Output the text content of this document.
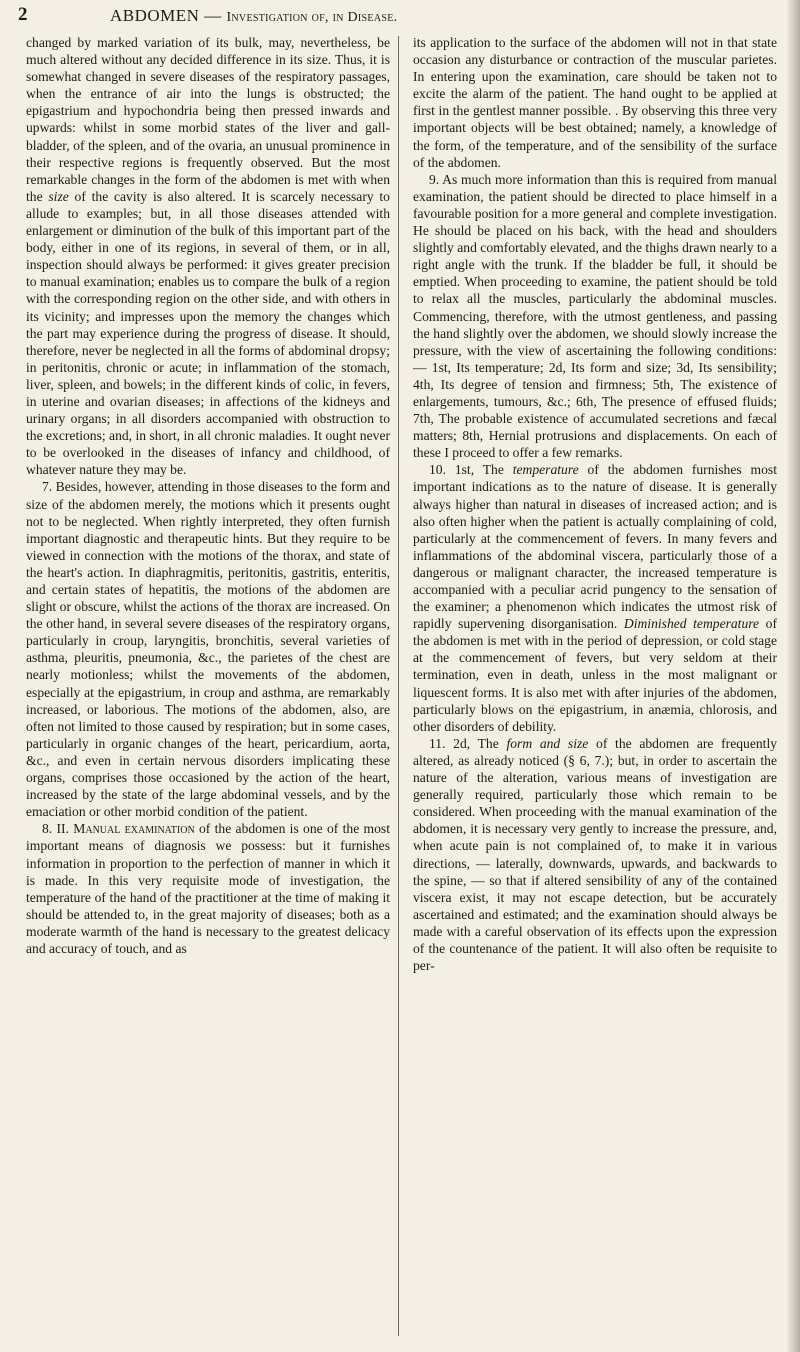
2	ABDOMEN — Investigation of, in Disease.

changed by marked variation of its bulk, may, nevertheless, be much altered without any decided difference in its size. Thus, it is somewhat changed in severe diseases of the respiratory passages, when the entrance of air into the lungs is obstructed; the epigastrium and hypochondria being then pressed inwards and upwards: whilst in some morbid states of the liver and gall-bladder, of the spleen, and of the ovaria, an unusual prominence in their respective regions is frequently observed. But the most remarkable changes in the form of the abdomen is met with when the size of the cavity is also altered. It is scarcely necessary to allude to examples; but, in all those diseases attended with enlargement or diminution of the bulk of this important part of the body, either in one of its regions, in several of them, or in all, inspection should always be performed: it gives greater precision to manual examination; enables us to compare the bulk of a region with the corresponding region on the other side, and with others in its vicinity; and impresses upon the memory the changes which the part may experience during the progress of disease. It should, therefore, never be neglected in all the forms of abdominal dropsy; in peritonitis, chronic or acute; in inflammation of the stomach, liver, spleen, and bowels; in the different kinds of colic, in fevers, in uterine and ovarian diseases; in affections of the kidneys and urinary organs; in all disorders accompanied with obstruction to the excretions; and, in short, in all chronic maladies. It ought never to be overlooked in the diseases of infancy and childhood, of whatever nature they may be.

7. Besides, however, attending in those diseases to the form and size of the abdomen merely, the motions which it presents ought not to be neglected. When rightly interpreted, they often furnish important diagnostic and therapeutic hints. But they require to be viewed in connection with the motions of the thorax, and state of the heart's action. In diaphragmitis, peritonitis, gastritis, enteritis, and certain states of hepatitis, the motions of the abdomen are slight or obscure, whilst the actions of the thorax are increased. On the other hand, in several severe diseases of the respiratory organs, particularly in croup, laryngitis, bronchitis, several varieties of asthma, pleuritis, pneumonia, &c., the parietes of the chest are nearly motionless; whilst the movements of the abdomen, especially at the epigastrium, in croup and asthma, are remarkably increased, or laborious. The motions of the abdomen, also, are often not limited to those caused by respiration; but in some cases, particularly in organic changes of the heart, pericardium, aorta, &c., and even in certain nervous disorders implicating these organs, comprises those occasioned by the action of the heart, increased by the state of the large abdominal vessels, and by the emaciation or other morbid condition of the patient.

8. II. Manual examination of the abdomen is one of the most important means of diagnosis we possess: but it furnishes information in proportion to the perfection of manner in which it is made. In this very requisite mode of investigation, the temperature of the hand of the practitioner at the time of making it should be attended to, in the great majority of diseases; both as a moderate warmth of the hand is necessary to the greatest delicacy and accuracy of touch, and as

its application to the surface of the abdomen will not in that state occasion any disturbance or contraction of the muscular parietes. In entering upon the examination, care should be taken not to excite the alarm of the patient. The hand ought to be applied at first in the gentlest manner possible. . By observing this three very important objects will be best obtained; namely, a knowledge of the form, of the temperature, and of the sensibility of the surface of the abdomen.

9. As much more information than this is required from manual examination, the patient should be directed to place himself in a favourable position for a more general and complete investigation. He should be placed on his back, with the head and shoulders slightly and comfortably elevated, and the thighs drawn nearly to a right angle with the trunk. If the bladder be full, it should be emptied. When proceeding to examine, the patient should be told to relax all the muscles, particularly the abdominal muscles. Commencing, therefore, with the utmost gentleness, and passing the hand slightly over the abdomen, we should slowly increase the pressure, with the view of ascertaining the following conditions: — 1st, Its temperature; 2d, Its form and size; 3d, Its sensibility; 4th, Its degree of tension and firmness; 5th, The existence of enlargements, tumours, &c.; 6th, The presence of effused fluids; 7th, The probable existence of accumulated secretions and fæcal matters; 8th, Hernial protrusions and displacements. On each of these I proceed to offer a few remarks.

10. 1st, The temperature of the abdomen furnishes most important indications as to the nature of disease. It is generally always higher than natural in diseases of increased action; and is also often higher when the patient is actually complaining of cold, particularly at the commencement of fevers. In many fevers and inflammations of the abdominal viscera, particularly those of a dangerous or malignant character, the increased temperature is accompanied with a peculiar acrid pungency to the sensation of the examiner; a phenomenon which indicates the utmost risk of rapidly supervening disorganisation. Diminished temperature of the abdomen is met with in the period of depression, or cold stage at the commencement of fevers, but very seldom at their termination, even in death, unless in the most malignant or liquescent forms. It is also met with after injuries of the abdomen, particularly blows on the epigastrium, in anæmia, chlorosis, and other disorders of debility.

11. 2d, The form and size of the abdomen are frequently altered, as already noticed (§ 6, 7.); but, in order to ascertain the nature of the alteration, various means of investigation are generally required, particularly those which remain to be considered. When proceeding with the manual examination of the abdomen, it is necessary very gently to increase the pressure, and, when acute pain is not complained of, to make it in various directions, — laterally, downwards, upwards, and backwards to the spine, — so that if altered sensibility of any of the contained viscera exist, it may not escape detection, but be accurately ascertained and estimated; and the examination should always be made with a careful observation of its effects upon the expression of the countenance of the patient. It will also often be requisite to per-
